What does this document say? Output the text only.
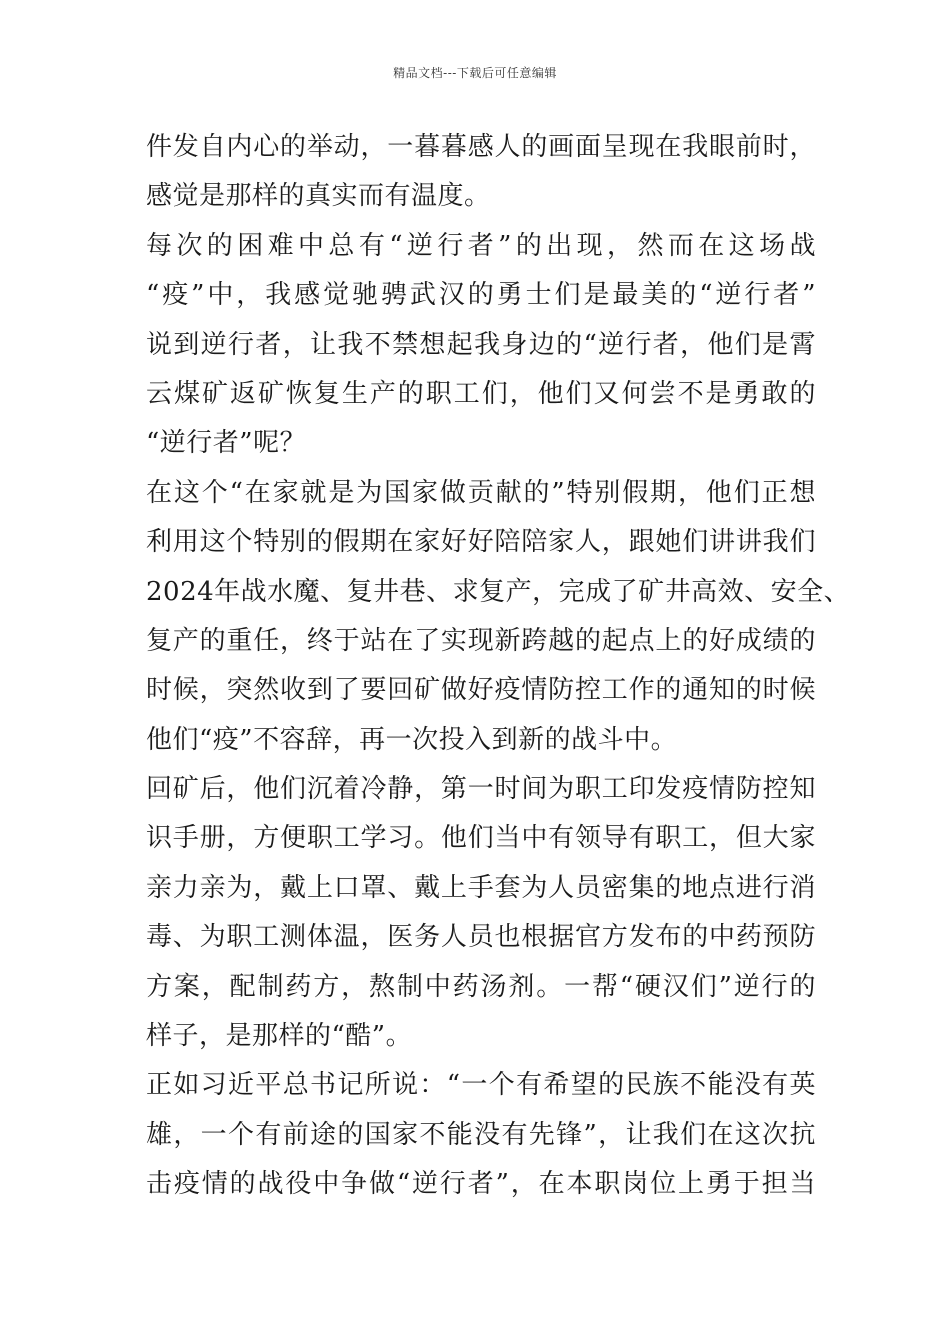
精品文档---下载后可任意编辑
件发自内心的举动，一暮暮感人的画面呈现在我眼前时，
感觉是那样的真实而有温度。
每次的困难中总有“逆行者”的出现，然而在这场战
“疫”中，我感觉驰骋武汉的勇士们是最美的“逆行者”
说到逆行者，让我不禁想起我身边的“逆行者，他们是霄
云煤矿返矿恢复生产的职工们，他们又何尝不是勇敢的
“逆行者”呢？
在这个“在家就是为国家做贡献的”特别假期，他们正想
利用这个特别的假期在家好好陪陪家人，跟她们讲讲我们
2024年战水魔、复井巷、求复产，完成了矿井高效、安全、
复产的重任，终于站在了实现新跨越的起点上的好成绩的
时候，突然收到了要回矿做好疫情防控工作的通知的时候
他们“疫”不容辞，再一次投入到新的战斗中。
回矿后，他们沉着冷静，第一时间为职工印发疫情防控知
识手册，方便职工学习。他们当中有领导有职工，但大家
亲力亲为，戴上口罩、戴上手套为人员密集的地点进行消
毒、为职工测体温，医务人员也根据官方发布的中药预防
方案，配制药方，熬制中药汤剂。一帮“硬汉们”逆行的
样子，是那样的“酷”。
正如习近平总书记所说：“一个有希望的民族不能没有英
雄，一个有前途的国家不能没有先锋”，让我们在这次抗
击疫情的战役中争做“逆行者”，在本职岗位上勇于担当
